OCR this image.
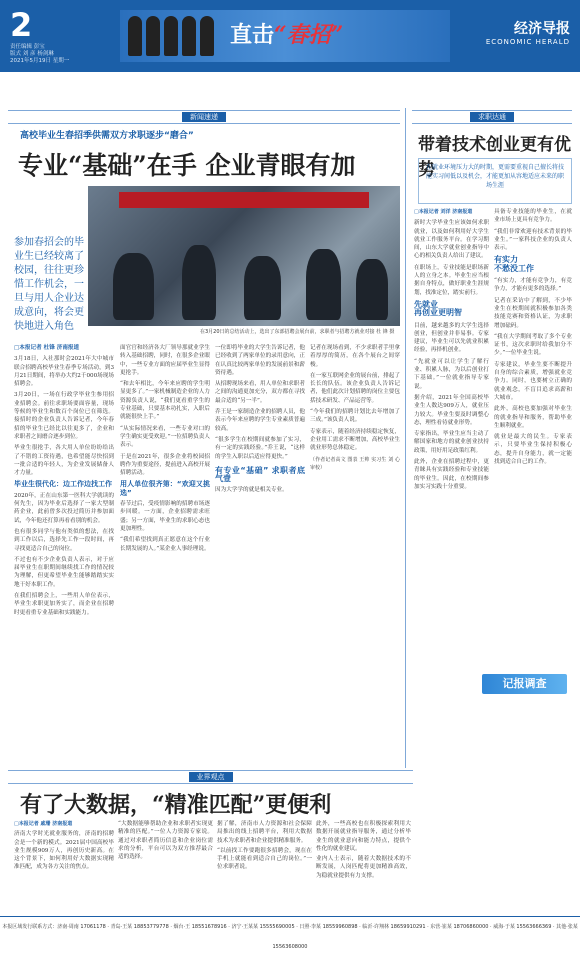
2
责任编辑 彭宝
版式 刘 彦 杨剑琳
2021年5月19日 星期一
直击“春招”	经济导报
ECONOMIC HERALD
新闻速递
高校毕业生春招季供需双方求职逐步“磨合”
专业“基础”在手 企业青眼有加
在3月20日的总结活动上，选出了东部招聘会展台前，求职者与招聘方就业对接 杜 锋 摄
参加春招会的毕业生已经较离了校园，往往更珍惜工作机会，一旦与用人企业达成意向，将会更快地进入角色
□本报记者 杜锋 济南报道

3月18日，入社那时会2021年大中城市联合招聘高校毕业生春季专场活动，到3月21日期间，将举办大约2千000场现场招聘会。

3月20日，一场在行政学毕业生参用招业招聘会。前往求职场要面容量，现场等候的毕业生和数百个岗位已在筛选。接招时的企业负责人告诉记者，今年春招的毕业生已经比以往更多了，企业和求职者之间磨合逐步到位。

毕业生很抢手，各大用人单位纷纷给出了不错的工资待遇，也希望能尽快招到一批合适的年轻人，为企业发展储备人才力量。

毕业生很代化：边工作边找工作

2020年，正在山东第一医科大学就读的何先生，因为毕业后选择了一家大型制药企业，此前曾多次投过简历并参加面试，今年他还打算再看看别的机会。

也有很多同学与他有类似的想法，在找到工作以后，选择先工作一段时间，再寻找更适合自己的岗位。

不过也有不少企业负责人表示，对于应届毕业生在职期间继续找工作的情况较为理解，但更希望毕业生能够踏踏实实地干好本职工作。

在我们招聘会上，一些用人单位表示，毕业生求职更加务实了，而企业在招聘时更看重专业基础和实践能力。

面官官和经济各大厂领导那就业学生转入基础招聘，同时，在很多企业眼中，一些专业方面的应届毕业生显得更抢手。

“和去年相比，今年来应聘的学生明显更多了。”一家机械制造企业的人力资源负责人说，“我们更看重学生的专业基础，只要基本功扎实，入职后就能很快上手。”

“从实际情况来看，一些专业对口的学生确实更受欢迎。”一位招聘负责人表示。

于是在2021年，很多企业将校园招聘作为重要途径，提前进入高校开展招聘活动。

用人单位很齐第：“欢迎又挑选”

春节过后，受疫情影响的招聘市场逐步回暖。一方面，企业招聘需求旺盛；另一方面，毕业生的求职心态也更加理性。

“我们希望找到真正愿意在这个行业长期发展的人。”某企业人事经理说。

一位即将毕业的大学生告诉记者，他已经收到了两家单位的录用意向，正在认真比较两家单位的发展前景和薪资待遇。

从招聘现场来看，用人单位和求职者之间的沟通更加充分，双方都在寻找最合适的“另一半”。

乔王是一家制造企业的招聘人员，他表示今年来应聘的学生专业素质普遍较高。

“很多学生在校期间就参加了实习，有一定的实践经验。”乔王说，“这样的学生入职以后适应得更快。”

有专业“基础” 求职者底气壹

因为大学学的就是相关专业。

记者在现场看到，不少求职者手里拿着厚厚的简历，在各个展台之间穿梭。

在一家互联网企业的展台前，排起了长长的队伍。该企业负责人告诉记者，他们此次计划招聘的岗位主要包括技术研发、产品运营等。

“今年我们的招聘计划比去年增加了三成。”该负责人说。

专家表示，随着经济持续稳定恢复，企业用工需求不断增加，高校毕业生就业形势总体稳定。

（作者记者高文 图表 王帅 实习生 刘 心 审校）

求职达通
带着技术创业更有优势
在就业环境压力大的时期，更需要重视自己擅长将技能实习间低以及机会，才能更加从容地适应未来的职场生涯
□本报记者 刘洋 济南报道

新时大学毕业生应该如何求职就业，以及如何利用好大学生就业工作服务平台。在学习期间，山东大学就业创业指导中心的相关负责人给出了建议。

在职场上，专业技能是职场新人的立身之本。毕业生应当根据自身特点，做好职业生涯规划，找准定位，踏实前行。

先就业
再创业更明智

目前，越来越多的大学生选择创业，但创业并非易事。专家建议，毕业生可以先就业积累经验，再择机创业。

“先就业可以让学生了解行业、积累人脉，为以后创业打下基础。”一位就业指导专家说。

据介绍，2021年全国高校毕业生人数达909万人，就业压力较大。毕业生要及时调整心态，理性看待就业形势。

专家指出，毕业生应当主动了解国家和地方的就业创业扶持政策，用好用足政策红利。

此外，企业在招聘过程中，更青睐具有实践经验和专业技能的毕业生。因此，在校期间参加实习实践十分重要。

具备专业技能的毕业生，在就业市场上更具有竞争力。

“我们非常欢迎有技术背景的毕业生。”一家科技企业的负责人表示。

有实力
不愁没工作

“有实力，才能有竞争力，有竞争力，才能有更多的选择。”

记者在采访中了解到，不少毕业生在校期间就积极参加各类技能竞赛和资格认证，为求职增加砝码。

“我在大学期间考取了多个专业证书，这次求职时给我加分不少。”一位毕业生说。

专家建议，毕业生要不断提升自身的综合素质，增强就业竞争力。同时，也要树立正确的就业观念，不盲目追求高薪和大城市。

此外，高校也要加强对毕业生的就业指导和服务，帮助毕业生顺利就业。

就业是最大的民生。专家表示，只要毕业生保持积极心态，提升自身能力，就一定能找到适合自己的工作。

记报调查
业界观点
有了大数据，“精准匹配”更便利
□本报记者 戚珊 济南报道

济南大学时光就业服务的，济南的招聘会是一个新的模式。2021届中国高校毕业生规模909万人，再创历史新高。在这个背景下，如何利用好大数据实现精准匹配，成为各方关注的焦点。

“大数据能够帮助企业和求职者实现更精准的匹配。”一位人力资源专家说。通过对求职者简历信息和企业岗位需求的分析，平台可以为双方推荐最合适的选择。

据了解，济南市人力资源和社会保障局推出的线上招聘平台，利用大数据技术为求职者和企业提供精准服务。

“以前找工作要跑很多招聘会，现在在手机上就能看到适合自己的岗位。”一位求职者说。

此外，一些高校也在积极探索利用大数据开展就业指导服务，通过分析毕业生的就业意向和能力特点，提供个性化的就业建议。

业内人士表示，随着大数据技术的不断发展，人岗匹配将更加精准高效，为稳就业提供有力支撑。

本报区域发行联系方式：济南·周南 17061178 · 青岛·王某 18853779778 · 烟台·王 18551678916 · 济宁·王某某 15555690005 · 日照·李某 18559960898 · 临沂·许翔林 18659910291 · 东营·崔某 18706860000 · 威海·于某 15563666369 · 其他·张某 15563608000
